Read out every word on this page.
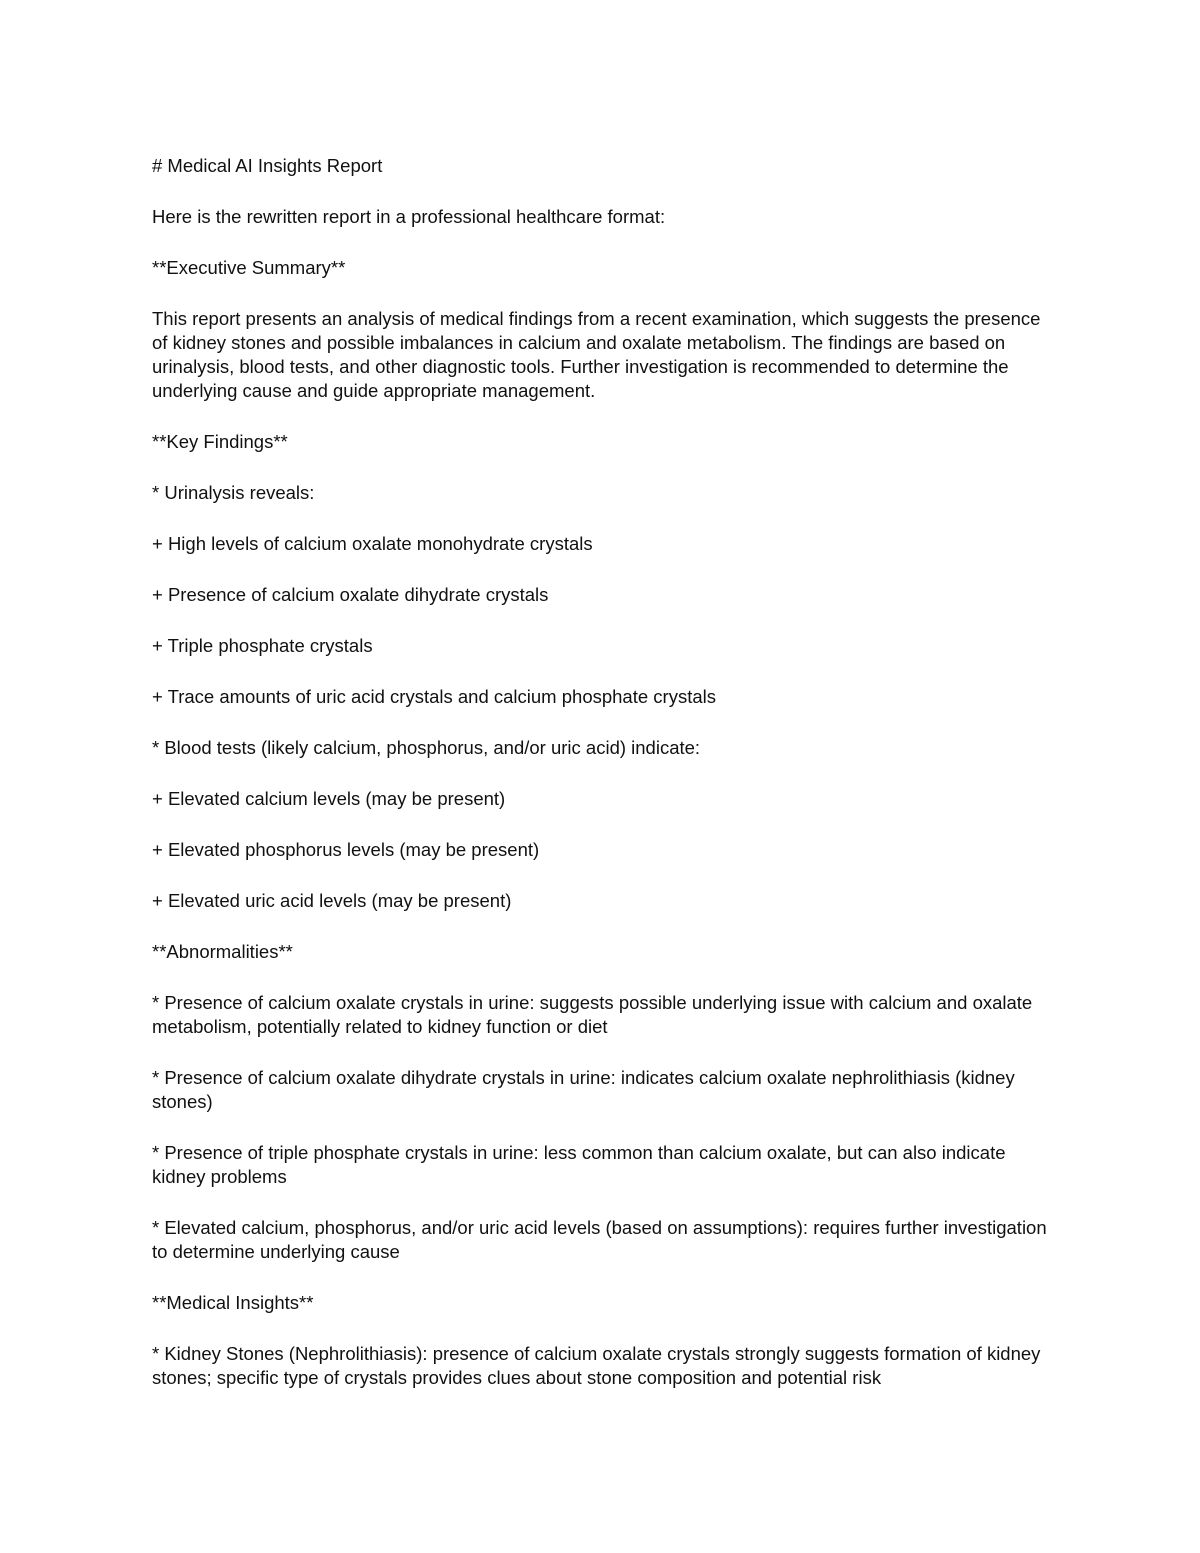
# Medical AI Insights Report

Here is the rewritten report in a professional healthcare format:

**Executive Summary**

This report presents an analysis of medical findings from a recent examination, which suggests the presence of kidney stones and possible imbalances in calcium and oxalate metabolism. The findings are based on urinalysis, blood tests, and other diagnostic tools. Further investigation is recommended to determine the underlying cause and guide appropriate management.

**Key Findings**

* Urinalysis reveals:

+ High levels of calcium oxalate monohydrate crystals

+ Presence of calcium oxalate dihydrate crystals

+ Triple phosphate crystals

+ Trace amounts of uric acid crystals and calcium phosphate crystals

* Blood tests (likely calcium, phosphorus, and/or uric acid) indicate:

+ Elevated calcium levels (may be present)

+ Elevated phosphorus levels (may be present)

+ Elevated uric acid levels (may be present)

**Abnormalities**

* Presence of calcium oxalate crystals in urine: suggests possible underlying issue with calcium and oxalate metabolism, potentially related to kidney function or diet

* Presence of calcium oxalate dihydrate crystals in urine: indicates calcium oxalate nephrolithiasis (kidney stones)

* Presence of triple phosphate crystals in urine: less common than calcium oxalate, but can also indicate kidney problems

* Elevated calcium, phosphorus, and/or uric acid levels (based on assumptions): requires further investigation to determine underlying cause

**Medical Insights**

* Kidney Stones (Nephrolithiasis): presence of calcium oxalate crystals strongly suggests formation of kidney stones; specific type of crystals provides clues about stone composition and potential risk
